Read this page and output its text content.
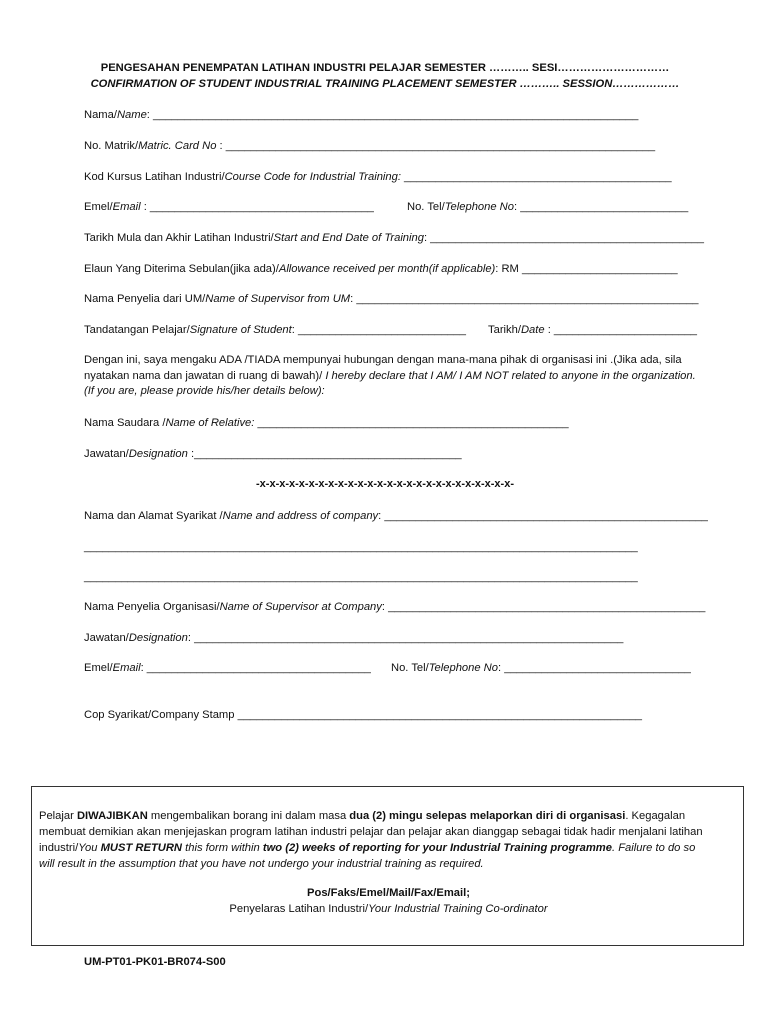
PENGESAHAN PENEMPATAN LATIHAN INDUSTRI PELAJAR SEMESTER ……….. SESI…………………………
CONFIRMATION OF STUDENT INDUSTRIAL TRAINING PLACEMENT SEMESTER ……….. SESSION………………
Nama/Name: ______________________________________________________________________________
No. Matrik/Matric. Card No : _____________________________________________________________________
Kod Kursus Latihan Industri/Course Code for Industrial Training: ___________________________________________
Emel/Email : ____________________________________	No. Tel/Telephone No: ___________________________
Tarikh Mula dan Akhir Latihan Industri/Start and End Date of Training: ____________________________________________
Elaun Yang Diterima Sebulan(jika ada)/Allowance received per month(if applicable): RM _________________________
Nama Penyelia dari UM/Name of Supervisor from UM: _______________________________________________________
Tandatangan Pelajar/Signature of Student: ___________________________ Tarikh/Date : _______________________
Dengan ini, saya mengaku ADA /TIADA mempunyai hubungan dengan mana-mana pihak di organisasi ini .(Jika ada, sila
nyatakan nama dan jawatan di ruang di bawah)/ I hereby declare that I AM/ I AM NOT related to anyone in the organization.
(If you are, please provide his/her details below):
Nama Saudara /Name of Relative: __________________________________________________
Jawatan/Designation :___________________________________________
-x-x-x-x-x-x-x-x-x-x-x-x-x-x-x-x-x-x-x-x-x-x-x-x-x-x-
Nama dan Alamat Syarikat /Name and address of company: ____________________________________________________
_________________________________________________________________________________________
_________________________________________________________________________________________
Nama Penyelia Organisasi/Name of Supervisor at Company: ___________________________________________________
Jawatan/Designation: _____________________________________________________________________
Emel/Email: ____________________________________ No. Tel/Telephone No: ______________________________
Cop Syarikat/Company Stamp _________________________________________________________________
Pelajar DIWAJIBKAN mengembalikan borang ini dalam masa dua (2) mingu selepas melaporkan diri di organisasi. Kegagalan
membuat demikian akan menjejaskan program latihan industri pelajar dan pelajar akan dianggap sebagai tidak hadir menjalani latihan
industri/You MUST RETURN this form within two (2) weeks of reporting for your Industrial Training programme. Failure to do so
will result in the assumption that you have not undergo your industrial training as required.
Pos/Faks/Emel/Mail/Fax/Email;
Penyelaras Latihan Industri/Your Industrial Training Co-ordinator
UM-PT01-PK01-BR074-S00
